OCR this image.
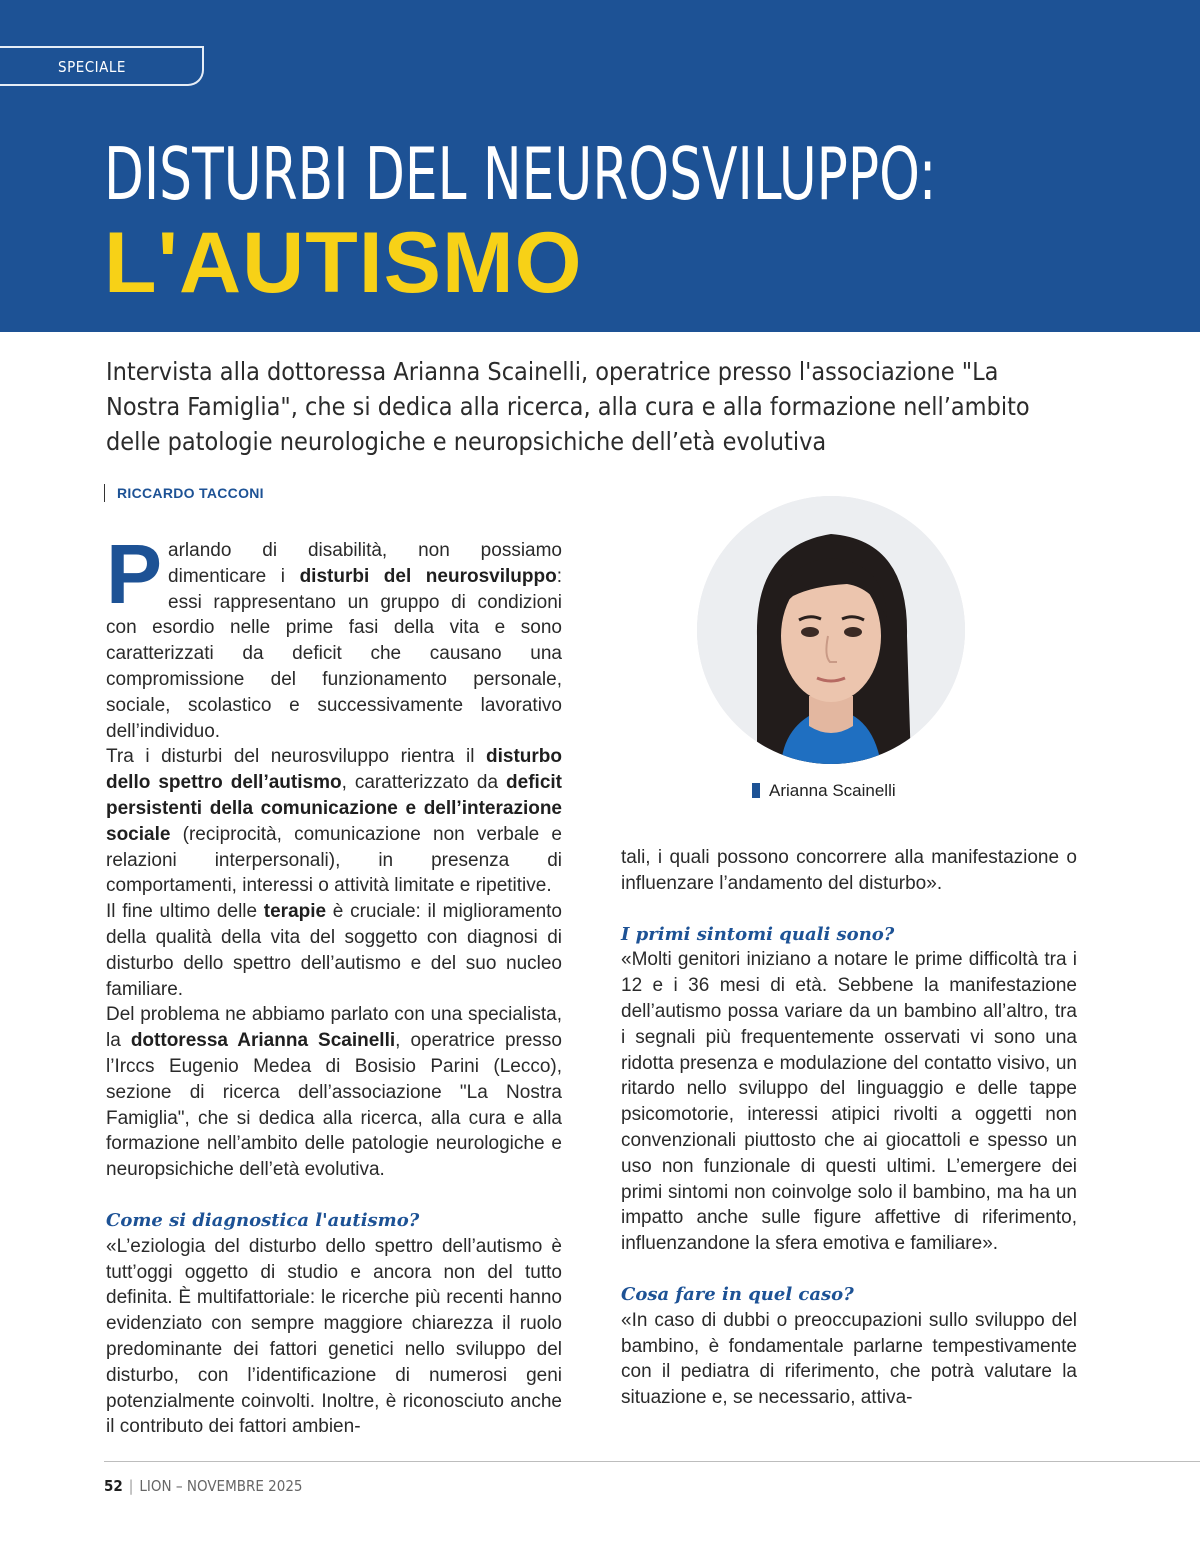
SPECIALE
DISTURBI DEL NEUROSVILUPPO:
L'AUTISMO
Intervista alla dottoressa Arianna Scainelli, operatrice presso l'associazione "La Nostra Famiglia", che si dedica alla ricerca, alla cura e alla formazione nell’ambito delle patologie neurologiche e neuropsichiche dell’età evolutiva
RICCARDO TACCONI

Parlando di disabilità, non possiamo dimenticare i disturbi del neurosviluppo: essi rappresentano un gruppo di condizioni con esordio nelle prime fasi della vita e sono caratterizzati da deficit che causano una compromissione del funzionamento personale, sociale, scolastico e successivamente lavorativo dell’individuo.
Tra i disturbi del neurosviluppo rientra il disturbo dello spettro dell’autismo, caratterizzato da deficit persistenti della comunicazione e dell’interazione sociale (reciprocità, comunicazione non verbale e relazioni interpersonali), in presenza di comportamenti, interessi o attività limitate e ripetitive.

Il fine ultimo delle terapie è cruciale: il miglioramento della qualità della vita del soggetto con diagnosi di disturbo dello spettro dell’autismo e del suo nucleo familiare.

Del problema ne abbiamo parlato con una specialista, la dottoressa Arianna Scainelli, operatrice presso l’Irccs Eugenio Medea di Bosisio Parini (Lecco), sezione di ricerca dell’associazione "La Nostra Famiglia", che si dedica alla ricerca, alla cura e alla formazione nell’ambito delle patologie neurologiche e neuropsichiche dell’età evolutiva.

Come si diagnostica l'autismo?

«L’eziologia del disturbo dello spettro dell’autismo è tutt’oggi oggetto di studio e ancora non del tutto definita. È multifattoriale: le ricerche più recenti hanno evidenziato con sempre maggiore chiarezza il ruolo predominante dei fattori genetici nello sviluppo del disturbo, con l’identificazione di numerosi geni potenzialmente coinvolti. Inoltre, è riconosciuto anche il contributo dei fattori ambien-

Arianna Scainelli

tali, i quali possono concorrere alla manifestazione o influenzare l’andamento del disturbo».

I primi sintomi quali sono?

«Molti genitori iniziano a notare le prime difficoltà tra i 12 e i 36 mesi di età. Sebbene la manifestazione dell’autismo possa variare da un bambino all’altro, tra i segnali più frequentemente osservati vi sono una ridotta presenza e modulazione del contatto visivo, un ritardo nello sviluppo del linguaggio e delle tappe psicomotorie, interessi atipici rivolti a oggetti non convenzionali piuttosto che ai giocattoli e spesso un uso non funzionale di questi ultimi. L’emergere dei primi sintomi non coinvolge solo il bambino, ma ha un impatto anche sulle figure affettive di riferimento, influenzandone la sfera emotiva e familiare».

Cosa fare in quel caso?

«In caso di dubbi o preoccupazioni sullo sviluppo del bambino, è fondamentale parlarne tempestivamente con il pediatra di riferimento, che potrà valutare la situazione e, se necessario, attiva-

52 | LION – NOVEMBRE 2025
